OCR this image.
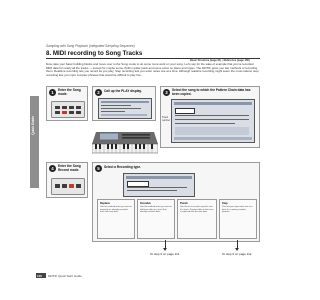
Sampling with Song Playback (Integrated Sampling Sequence)
8. MIDI recording to Song Tracks
Basic Structure (page 61) • Reference (page 160)
Now, take your basic building blocks and move over to the Song mode to do some more work on your song. Let's say for the sake of example that you've recorded MIDI data for nearly all the tracks — except for maybe some rhythm guitar parts and some solos on piano and organ. The MOTIF gives you two methods of recording them: Realtime recording lets you record as you play; Step recording lets you enter notes one at a time. Although realtime recording might seem the most natural, step recording lets you input complex phrases that would be difficult to play live.
Quick Guide
1	Enter the Song mode.	2	Call up the PLAY display.	3	Select the song to which the Pattern Chain data has been copied.
Track number
4	Enter the Song Record mode.	5	Select a Recording type.
Replace
Use this method when you want to overwrite an already-recorded track with new data.
Overdub
Use this method when you want to add more data to a track that already contains data.
Punch
Use this to re-record a specific area of a track. Previous data in that area is replaced with the new data.
Step
This lets you input notes one at a time, for creating complex phrases.
To step 6 on page 111	To step 6 on page 112
110 MOTIF Quick Start Guide
